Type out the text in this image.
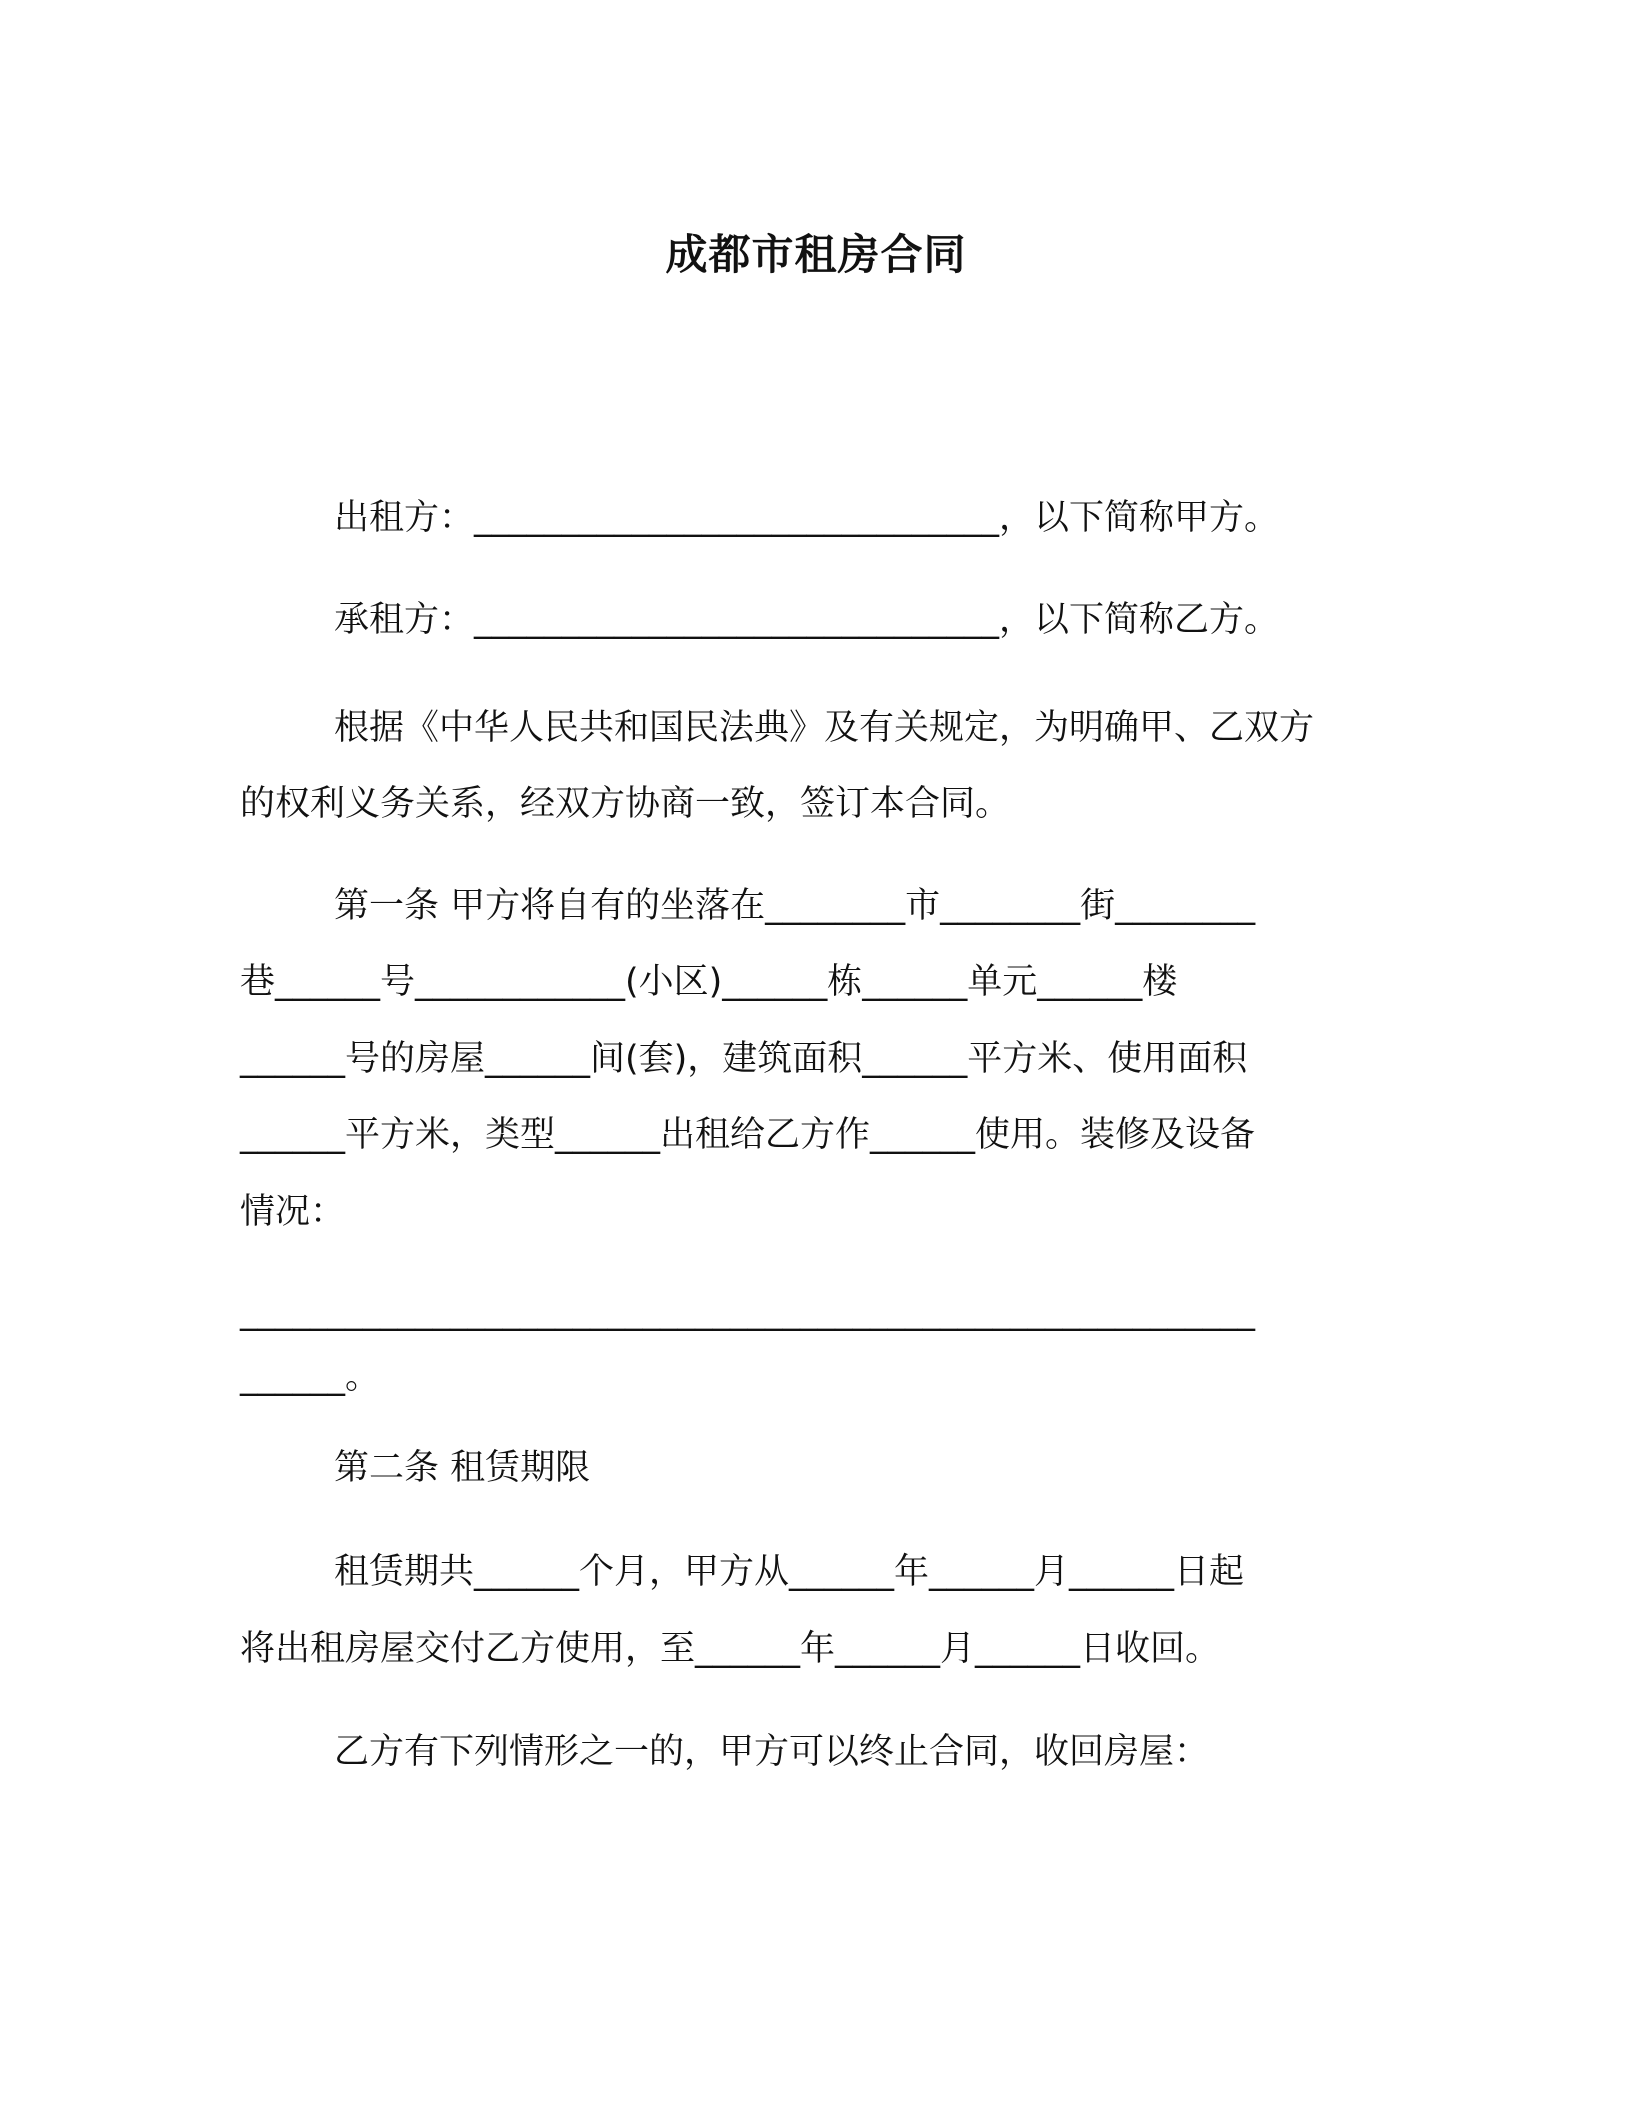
成都市租房合同

出租方：______________________________，以下简称甲方。

承租方：______________________________，以下简称乙方。

根据《中华人民共和国民法典》及有关规定，为明确甲、乙双方

的权利义务关系，经双方协商一致，签订本合同。

第一条 甲方将自有的坐落在________市________街________

巷______号____________(小区)______栋______单元______楼

______号的房屋______间(套)，建筑面积______平方米、使用面积

______平方米，类型______出租给乙方作______使用。装修及设备

情况：

__________________________________________________________

______。

第二条 租赁期限

租赁期共______个月，甲方从______年______月______日起

将出租房屋交付乙方使用，至______年______月______日收回。

乙方有下列情形之一的，甲方可以终止合同，收回房屋：
